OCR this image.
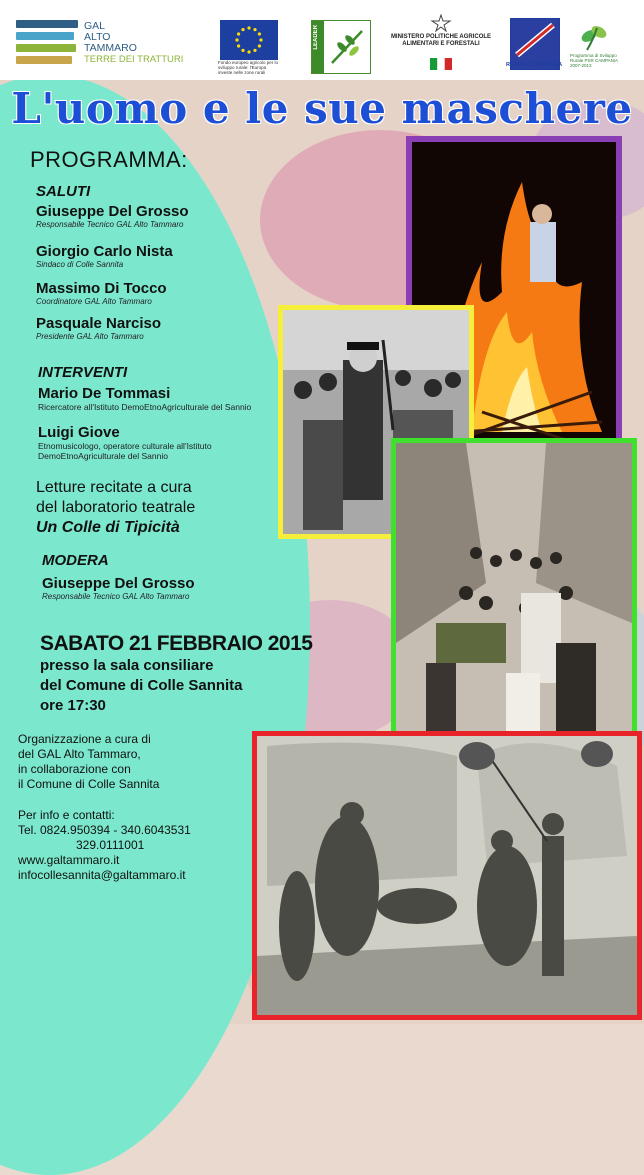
GAL
ALTO
TAMMARO
TERRE DEI TRATTURI	Fondo europeo agricolo per lo sviluppo rurale: l'Europa investe nelle zone rurali
LEADER	MINISTERO POLITICHE AGRICOLE ALIMENTARI E FORESTALI
REGIONE CAMPANIA
Programma di Sviluppo Rurale PSR CAMPANIA 2007-2013
L'uomo e le sue maschere
PROGRAMMA:
SALUTI
Giuseppe Del Grosso
Responsabile Tecnico GAL Alto Tammaro
Giorgio Carlo Nista
Sindaco di Colle Sannita
Massimo Di Tocco
Coordinatore GAL Alto Tammaro
Pasquale Narciso
Presidente GAL Alto Tammaro
INTERVENTI
Mario De Tommasi
Ricercatore all'Istituto DemoEtnoAgriculturale del Sannio
Luigi Giove
Etnomusicologo, operatore culturale all'Istituto
DemoEtnoAgriculturale del Sannio
Letture recitate a cura
del laboratorio teatrale
Un Colle di Tipicità
MODERA
Giuseppe Del Grosso
Responsabile Tecnico GAL Alto Tammaro
SABATO 21 FEBBRAIO 2015
presso la sala consiliare
del Comune di Colle Sannita
ore 17:30
Organizzazione a cura di
del GAL Alto Tammaro,
in collaborazione con
il Comune di Colle Sannita
Per info e contatti:
Tel. 0824.950394 - 340.6043531
329.0111001
www.galtammaro.it
infocollesannita@galtammaro.it
